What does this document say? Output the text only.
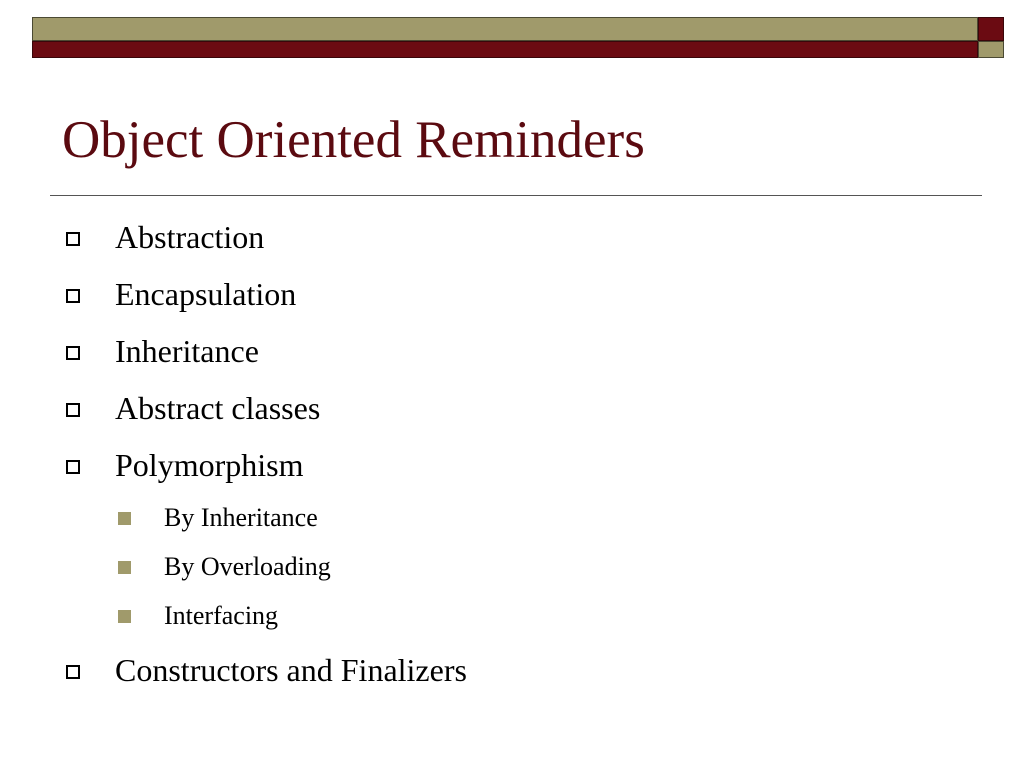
Object Oriented Reminders
Abstraction
Encapsulation
Inheritance
Abstract classes
Polymorphism
By Inheritance
By Overloading
Interfacing
Constructors and Finalizers
